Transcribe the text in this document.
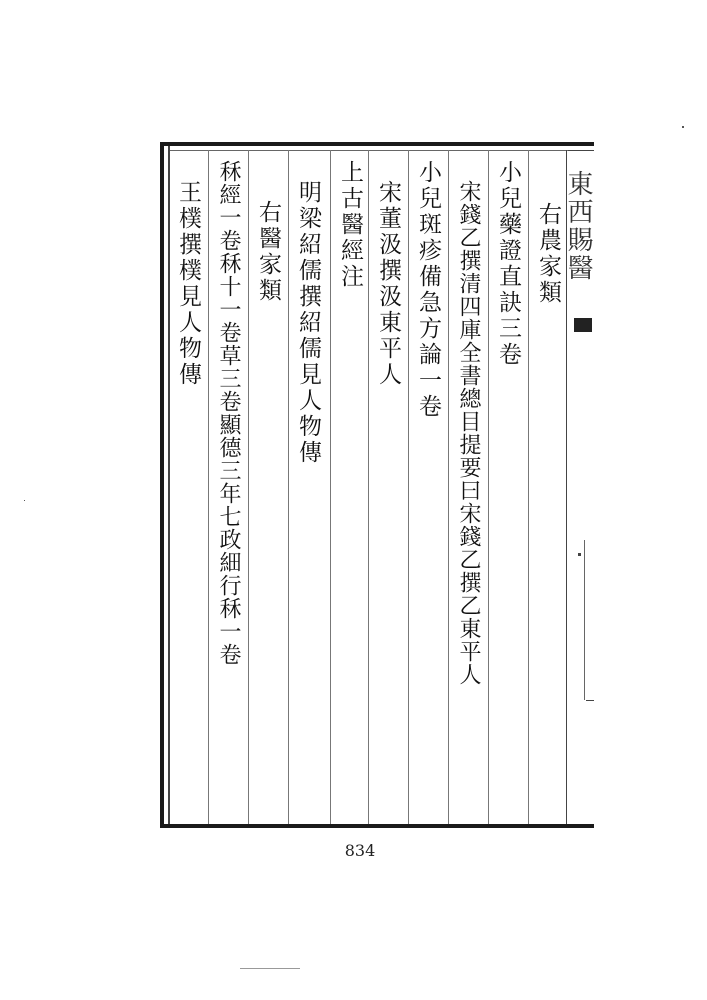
東西賜醫
右農家類
小兒藥證直訣三卷
宋錢乙撰清四庫全書總目提要曰宋錢乙撰乙東平人
小兒斑疹備急方論一卷
宋董汲撰汲東平人
上古醫經注
明梁紹儒撰紹儒見人物傳
右醫家類
秝經一卷秝十一卷草三卷顯德三年七政細行秝一卷
王樸撰樸見人物傳
834
